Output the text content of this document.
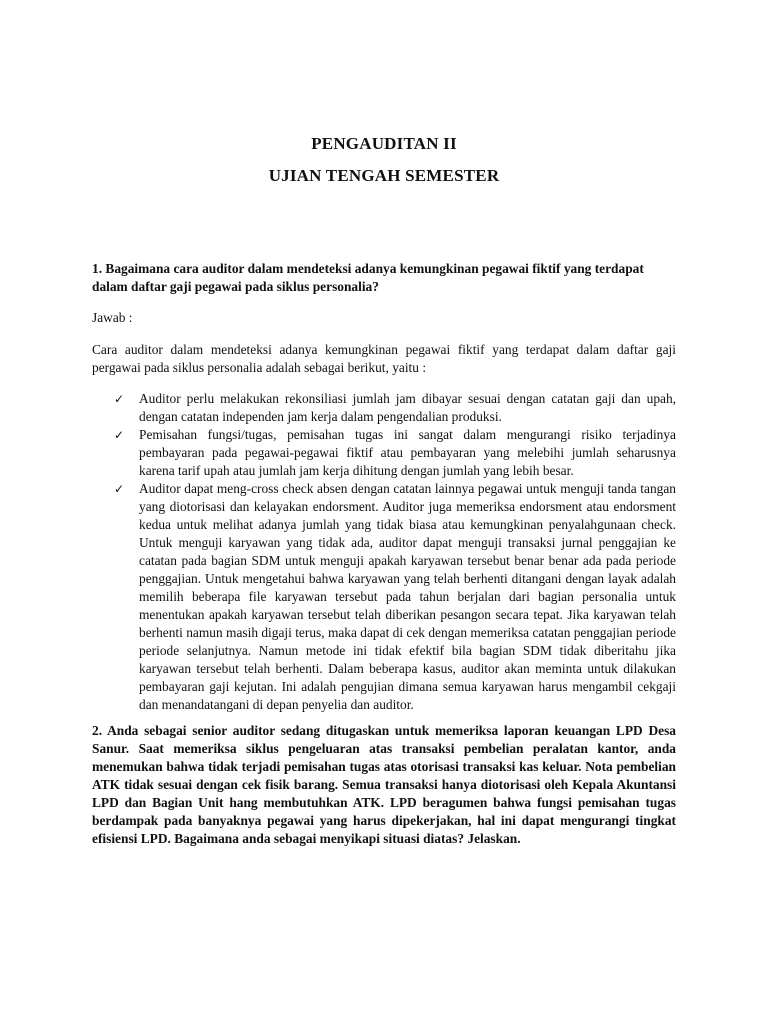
PENGAUDITAN II
UJIAN TENGAH SEMESTER

1. Bagaimana cara auditor dalam mendeteksi adanya kemungkinan pegawai fiktif yang terdapat dalam daftar gaji pegawai pada siklus personalia?

Jawab :

Cara auditor dalam mendeteksi adanya kemungkinan pegawai fiktif yang terdapat dalam daftar gaji pergawai pada siklus personalia adalah sebagai berikut, yaitu :

✓ Auditor perlu melakukan rekonsiliasi jumlah jam dibayar sesuai dengan catatan gaji dan upah, dengan catatan independen jam kerja dalam pengendalian produksi.
✓ Pemisahan fungsi/tugas, pemisahan tugas ini sangat dalam mengurangi risiko terjadinya pembayaran pada pegawai-pegawai fiktif atau pembayaran yang melebihi jumlah seharusnya karena tarif upah atau jumlah jam kerja dihitung dengan jumlah yang lebih besar.
✓ Auditor dapat meng-cross check absen dengan catatan lainnya pegawai untuk menguji tanda tangan yang diotorisasi dan kelayakan endorsment. Auditor juga memeriksa endorsment atau endorsment kedua untuk melihat adanya jumlah yang tidak biasa atau kemungkinan penyalahgunaan check. Untuk menguji karyawan yang tidak ada, auditor dapat menguji transaksi jurnal penggajian ke catatan pada bagian SDM untuk menguji apakah karyawan tersebut benar benar ada pada periode penggajian. Untuk mengetahui bahwa karyawan yang telah berhenti ditangani dengan layak adalah memilih beberapa file karyawan tersebut pada tahun berjalan dari bagian personalia untuk menentukan apakah karyawan tersebut telah diberikan pesangon secara tepat. Jika karyawan telah berhenti namun masih digaji terus, maka dapat di cek dengan memeriksa catatan penggajian periode periode selanjutnya. Namun metode ini tidak efektif bila bagian SDM tidak diberitahu jika karyawan tersebut telah berhenti. Dalam beberapa kasus, auditor akan meminta untuk dilakukan pembayaran gaji kejutan. Ini adalah pengujian dimana semua karyawan harus mengambil cekgaji dan menandatangani di depan penyelia dan auditor.

2. Anda sebagai senior auditor sedang ditugaskan untuk memeriksa laporan keuangan LPD Desa Sanur. Saat memeriksa siklus pengeluaran atas transaksi pembelian peralatan kantor, anda menemukan bahwa tidak terjadi pemisahan tugas atas otorisasi transaksi kas keluar. Nota pembelian ATK tidak sesuai dengan cek fisik barang. Semua transaksi hanya diotorisasi oleh Kepala Akuntansi LPD dan Bagian Unit hang membutuhkan ATK. LPD beragumen bahwa fungsi pemisahan tugas berdampak pada banyaknya pegawai yang harus dipekerjakan, hal ini dapat mengurangi tingkat efisiensi LPD. Bagaimana anda sebagai menyikapi situasi diatas? Jelaskan.
